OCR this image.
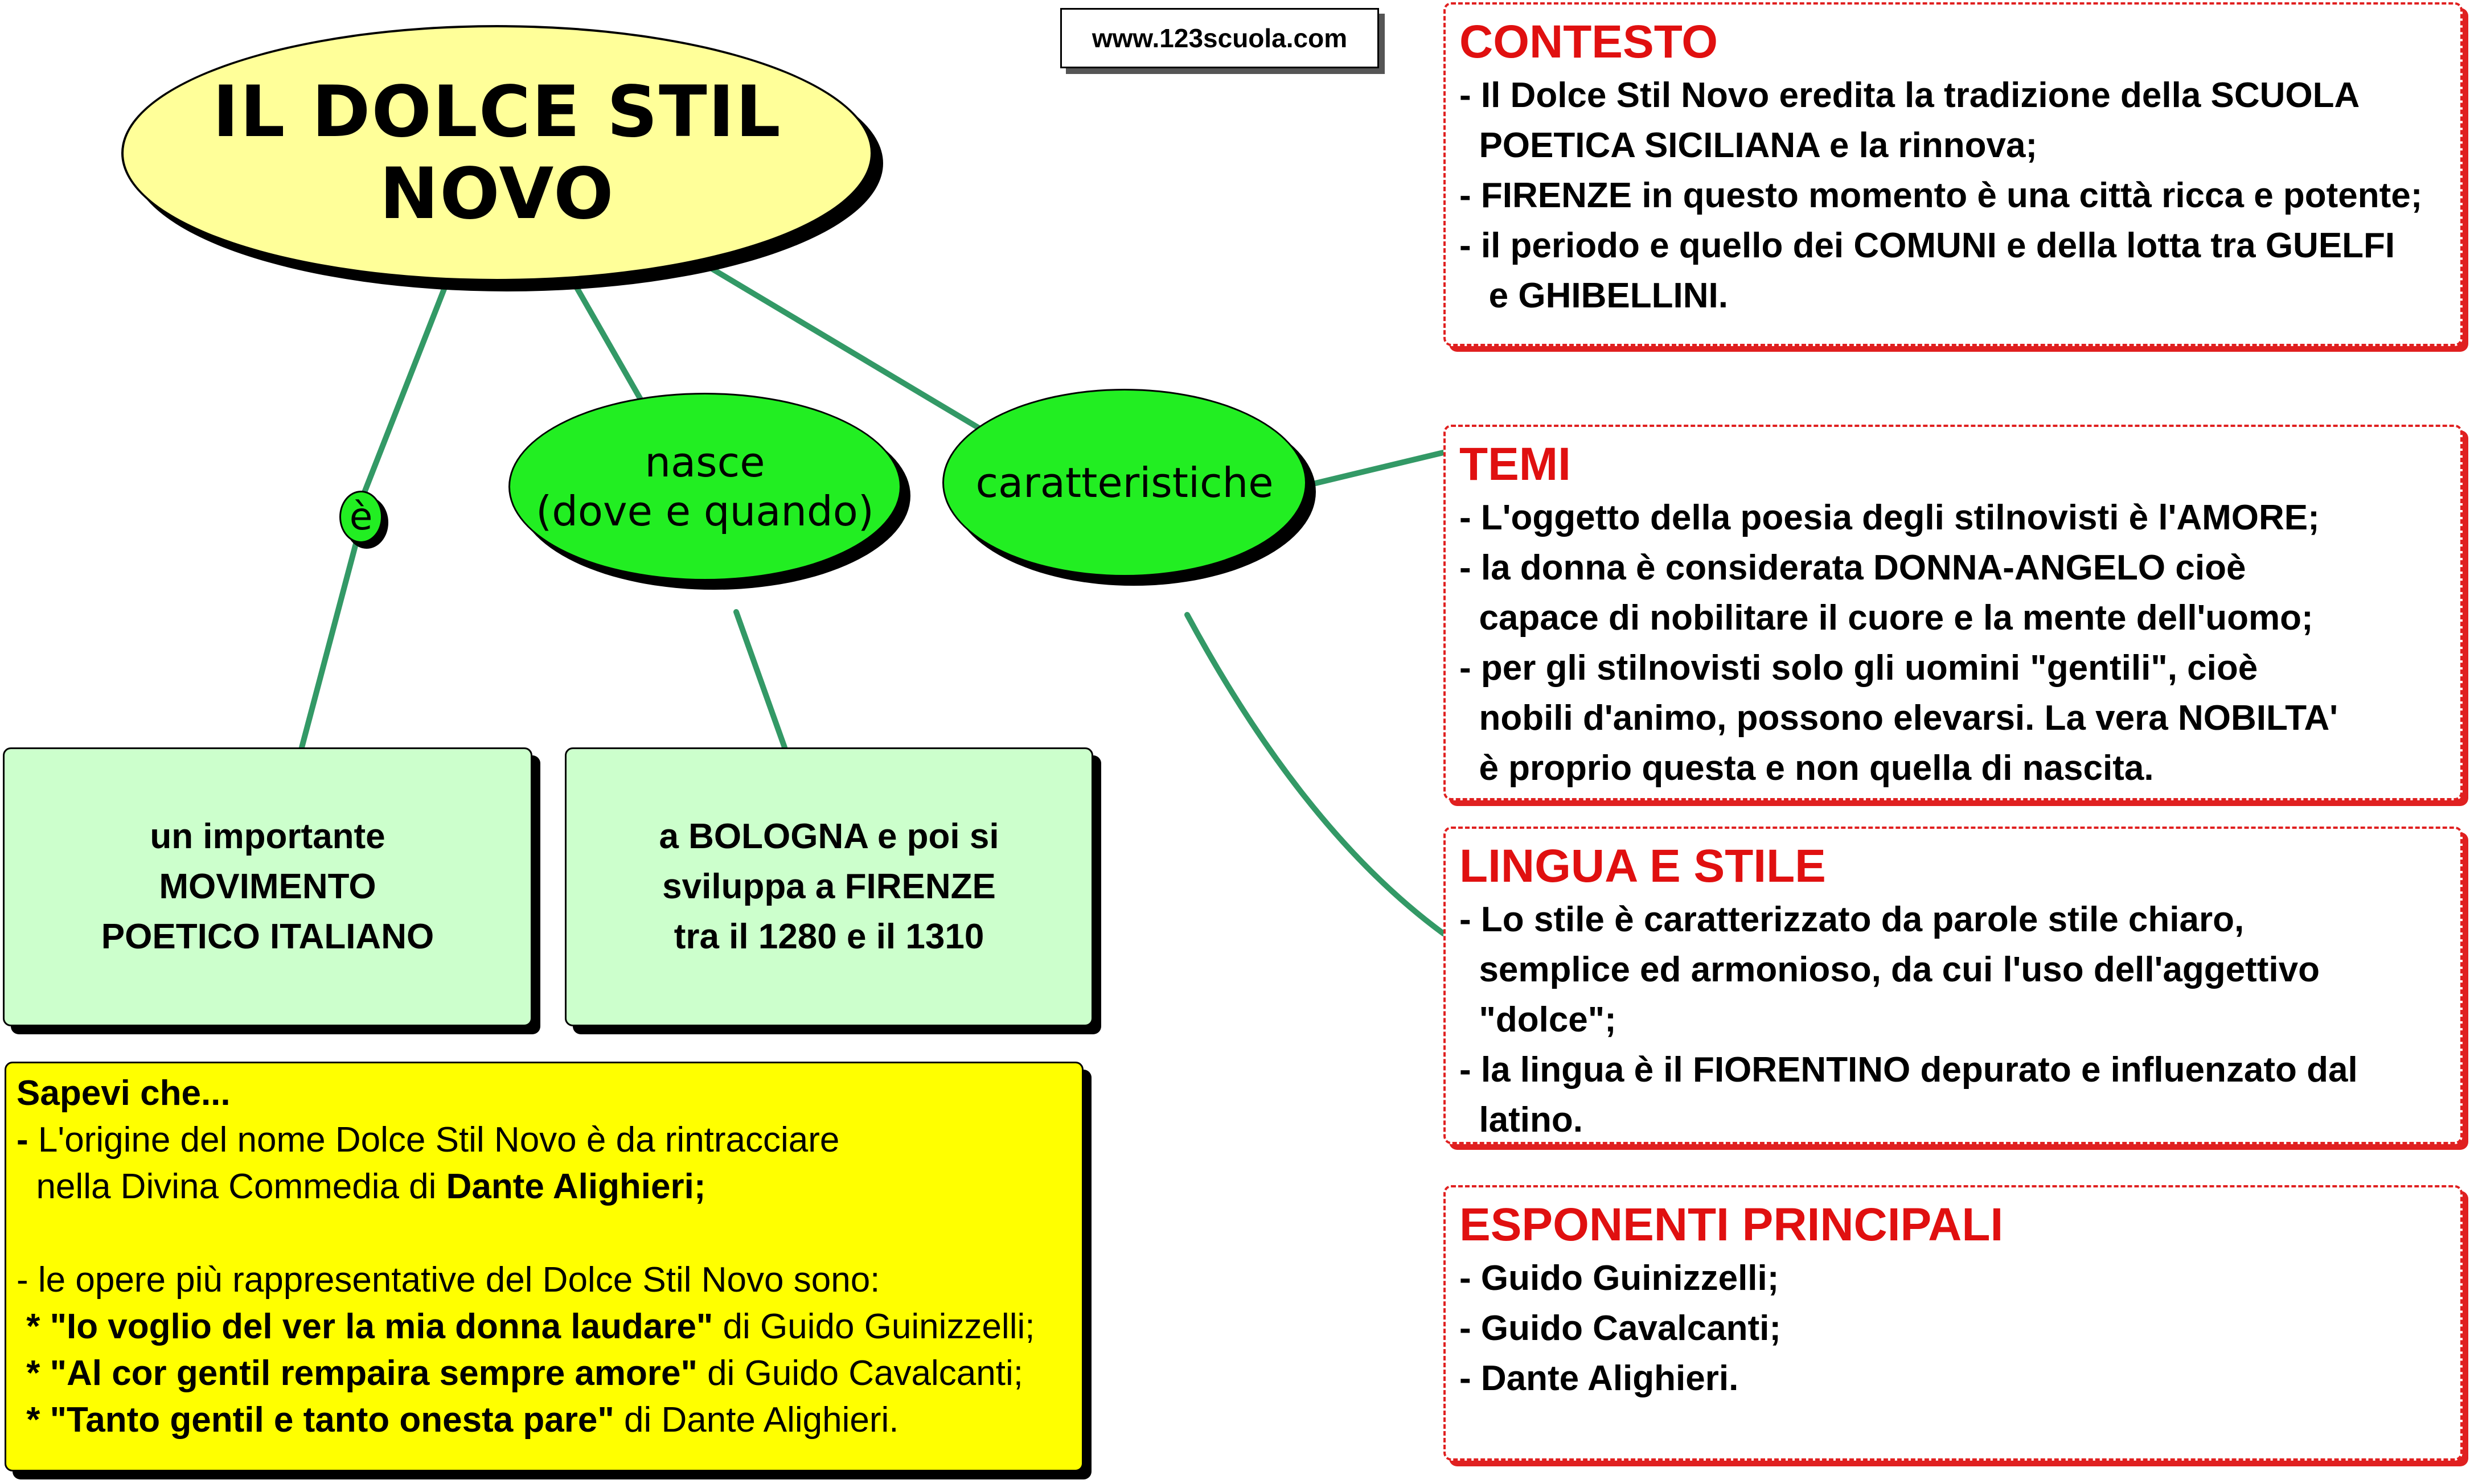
www.123scuola.com
IL DOLCE STIL NOVO
è
nasce
(dove e quando)
caratteristiche
un importante
MOVIMENTO
POETICO ITALIANO
a BOLOGNA e poi si
sviluppa a FIRENZE
tra il 1280 e il 1310
Sapevi che...
- L'origine del nome Dolce Stil Novo è da rintracciare
nella Divina Commedia di Dante Alighieri;

- le opere più rappresentative del Dolce Stil Novo sono:
* "Io voglio del ver la mia donna laudare" di Guido Guinizzelli;
* "Al cor gentil rempaira sempre amore" di Guido Cavalcanti;
* "Tanto gentil e tanto onesta pare" di Dante Alighieri.
CONTESTO
- Il Dolce Stil Novo eredita la tradizione della SCUOLA
POETICA SICILIANA e la rinnova;
- FIRENZE in questo momento è una città ricca e potente;
- il periodo e quello dei COMUNI e della lotta tra GUELFI
e GHIBELLINI.
TEMI
- L'oggetto della poesia degli stilnovisti è l'AMORE;
- la donna è considerata DONNA-ANGELO cioè
capace di nobilitare il cuore e la mente dell'uomo;
- per gli stilnovisti solo gli uomini "gentili", cioè
nobili d'animo, possono elevarsi. La vera NOBILTA'
è proprio questa e non quella di nascita.
LINGUA E STILE
- Lo stile è caratterizzato da parole stile chiaro,
semplice ed armonioso, da cui l'uso dell'aggettivo
"dolce";
- la lingua è il FIORENTINO depurato e influenzato dal
latino.
ESPONENTI PRINCIPALI
- Guido Guinizzelli;
- Guido Cavalcanti;
- Dante Alighieri.
